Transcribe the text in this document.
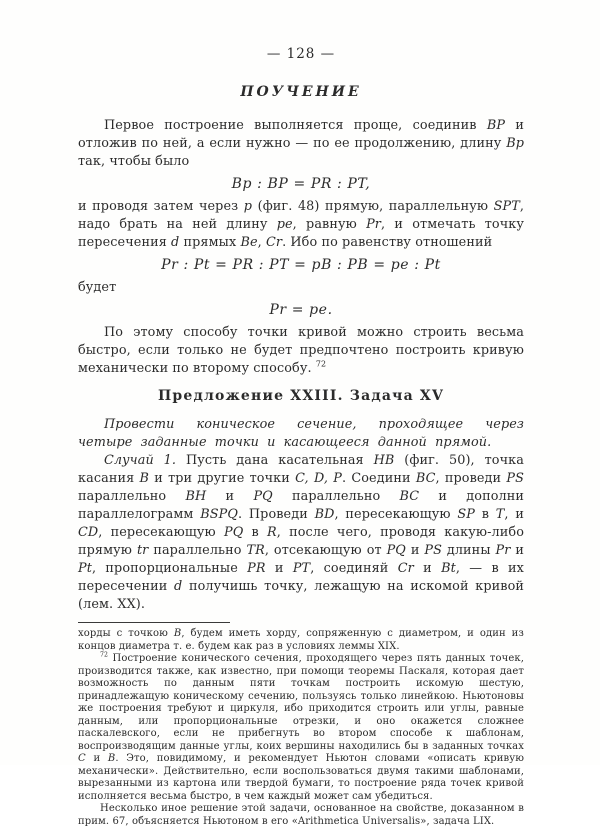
— 128 —
ПОУЧЕНИЕ

Первое построение выполняется проще, соединив BP и отложив по ней, а если нужно — по ее продолжению, длину Bp так, чтобы было

Bp : BP = PR : PT,

и проводя затем через p (фиг. 48) прямую, параллельную SPT, надо брать на ней длину pe, равную Pr, и отмечать точку пересечения d прямых Be, Cr. Ибо по равенству отношений

Pr : Pt = PR : PT = pB : PB = pe : Pt

будет

Pr = pe.

По этому способу точки кривой можно строить весьма быстро, если только не будет предпочтено построить кривую механически по второму способу. $^{72}$

Предложение XXIII. Задача XV

Провести коническое сечение, проходящее через четыре заданные точки и касающееся данной прямой.

Случай 1. Пусть дана касательная HB (фиг. 50), точка касания B и три другие точки C, D, P. Соедини BC, проведи PS параллельно BH и PQ параллельно BC и дополни параллелограмм BSPQ. Проведи BD, пересекающую SP в T, и CD, пересекающую PQ в R, после чего, проводя какую-либо прямую tr параллельно TR, отсекающую от PQ и PS длины Pr и Pt, пропорциональные PR и PT, соединяй Cr и Bt, — в их пересечении d получишь точку, лежащую на искомой кривой (лем. XX).

хорды с точкою B, будем иметь хорду, сопряженную с диаметром, и один из концов диаметра т. е. будем как раз в условиях леммы XIX.

$^{72}$ Построение конического сечения, проходящего через пять данных точек, производится также, как известно, при помощи теоремы Паскаля, которая дает возможность по данным пяти точкам построить искомую шестую, принадлежащую коническому сечению, пользуясь только линейкою. Ньютоновы же построения требуют и циркуля, ибо приходится строить или углы, равные данным, или пропорциональные отрезки, и оно окажется сложнее паскалевского, если не прибегнуть во втором способе к шаблонам, воспроизводящим данные углы, коих вершины находились бы в заданных точках C и B. Это, повидимому, и рекомендует Ньютон словами «описать кривую механически». Действительно, если воспользоваться двумя такими шаблонами, вырезанными из картона или твердой бумаги, то построение ряда точек кривой исполняется весьма быстро, в чем каждый может сам убедиться.

Несколько иное решение этой задачи, основанное на свойстве, доказанном в прим. 67, объясняется Ньютоном в его «Arithmetica Universalis», задача LIX.
